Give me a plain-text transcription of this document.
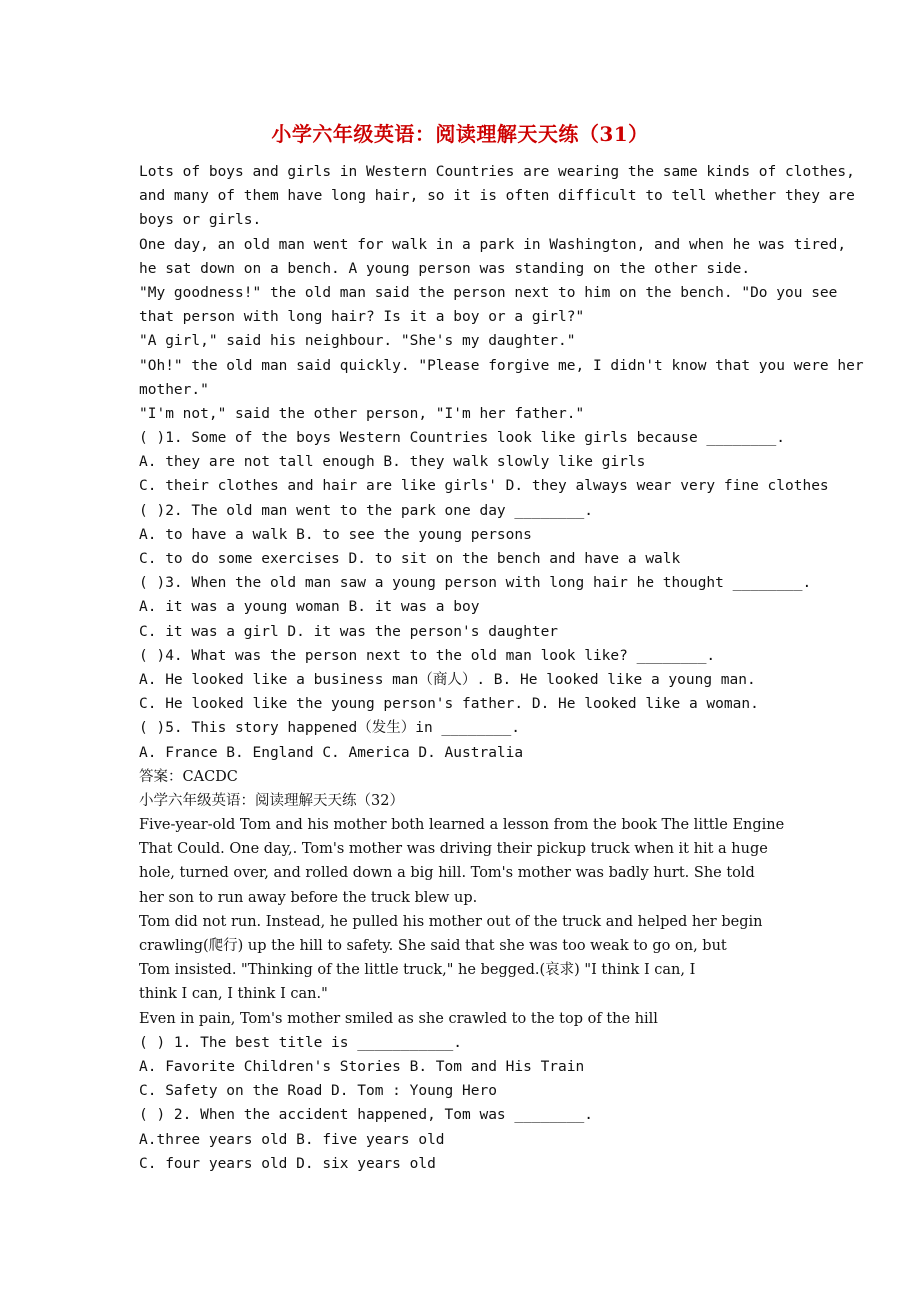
小学六年级英语：阅读理解天天练（31）
Lots of boys and girls in Western Countries are wearing the same kinds of clothes,
and many of them have long hair, so it is often difficult to tell whether they are
boys or girls.
One day, an old man went for walk in a park in Washington, and when he was tired,
he sat down on a bench. A young person was standing on the other side.
"My goodness!" the old man said the person next to him on the bench. "Do you see
that person with long hair? Is it a boy or a girl?"
"A girl," said his neighbour. "She's my daughter."
"Oh!" the old man said quickly. "Please forgive me, I didn't know that you were her
mother."
"I'm not," said the other person, "I'm her father."
( )1. Some of the boys Western Countries look like girls because ________.
A. they are not tall enough B. they walk slowly like girls
C. their clothes and hair are like girls' D. they always wear very fine clothes
( )2. The old man went to the park one day ________.
A. to have a walk B. to see the young persons
C. to do some exercises D. to sit on the bench and have a walk
( )3. When the old man saw a young person with long hair he thought ________.
A. it was a young woman B. it was a boy
C. it was a girl D. it was the person's daughter
( )4. What was the person next to the old man look like? ________.
A. He looked like a business man（商人）. B. He looked like a young man.
C. He looked like the young person's father. D. He looked like a woman.
( )5. This story happened（发生）in ________.
A. France B. England C. America D. Australia
答案：CACDC
小学六年级英语：阅读理解天天练（32）
Five-year-old Tom and his mother both learned a lesson from the book The little Engine
That Could. One day,. Tom's mother was driving their pickup truck when it hit a huge
hole, turned over, and rolled down a big hill. Tom's mother was badly hurt. She told
her son to run away before the truck blew up.
Tom did not run. Instead, he pulled his mother out of the truck and helped her begin
crawling(爬行) up the hill to safety. She said that she was too weak to go on, but
Tom insisted. "Thinking of the little truck," he begged.(哀求) "I think I can, I
think I can, I think I can."
Even in pain, Tom's mother smiled as she crawled to the top of the hill
( ) 1. The best title is ___________.
A. Favorite Children's Stories B. Tom and His Train
C. Safety on the Road D. Tom : Young Hero
( ) 2. When the accident happened, Tom was ________.
A.three years old B. five years old
C. four years old D. six years old
